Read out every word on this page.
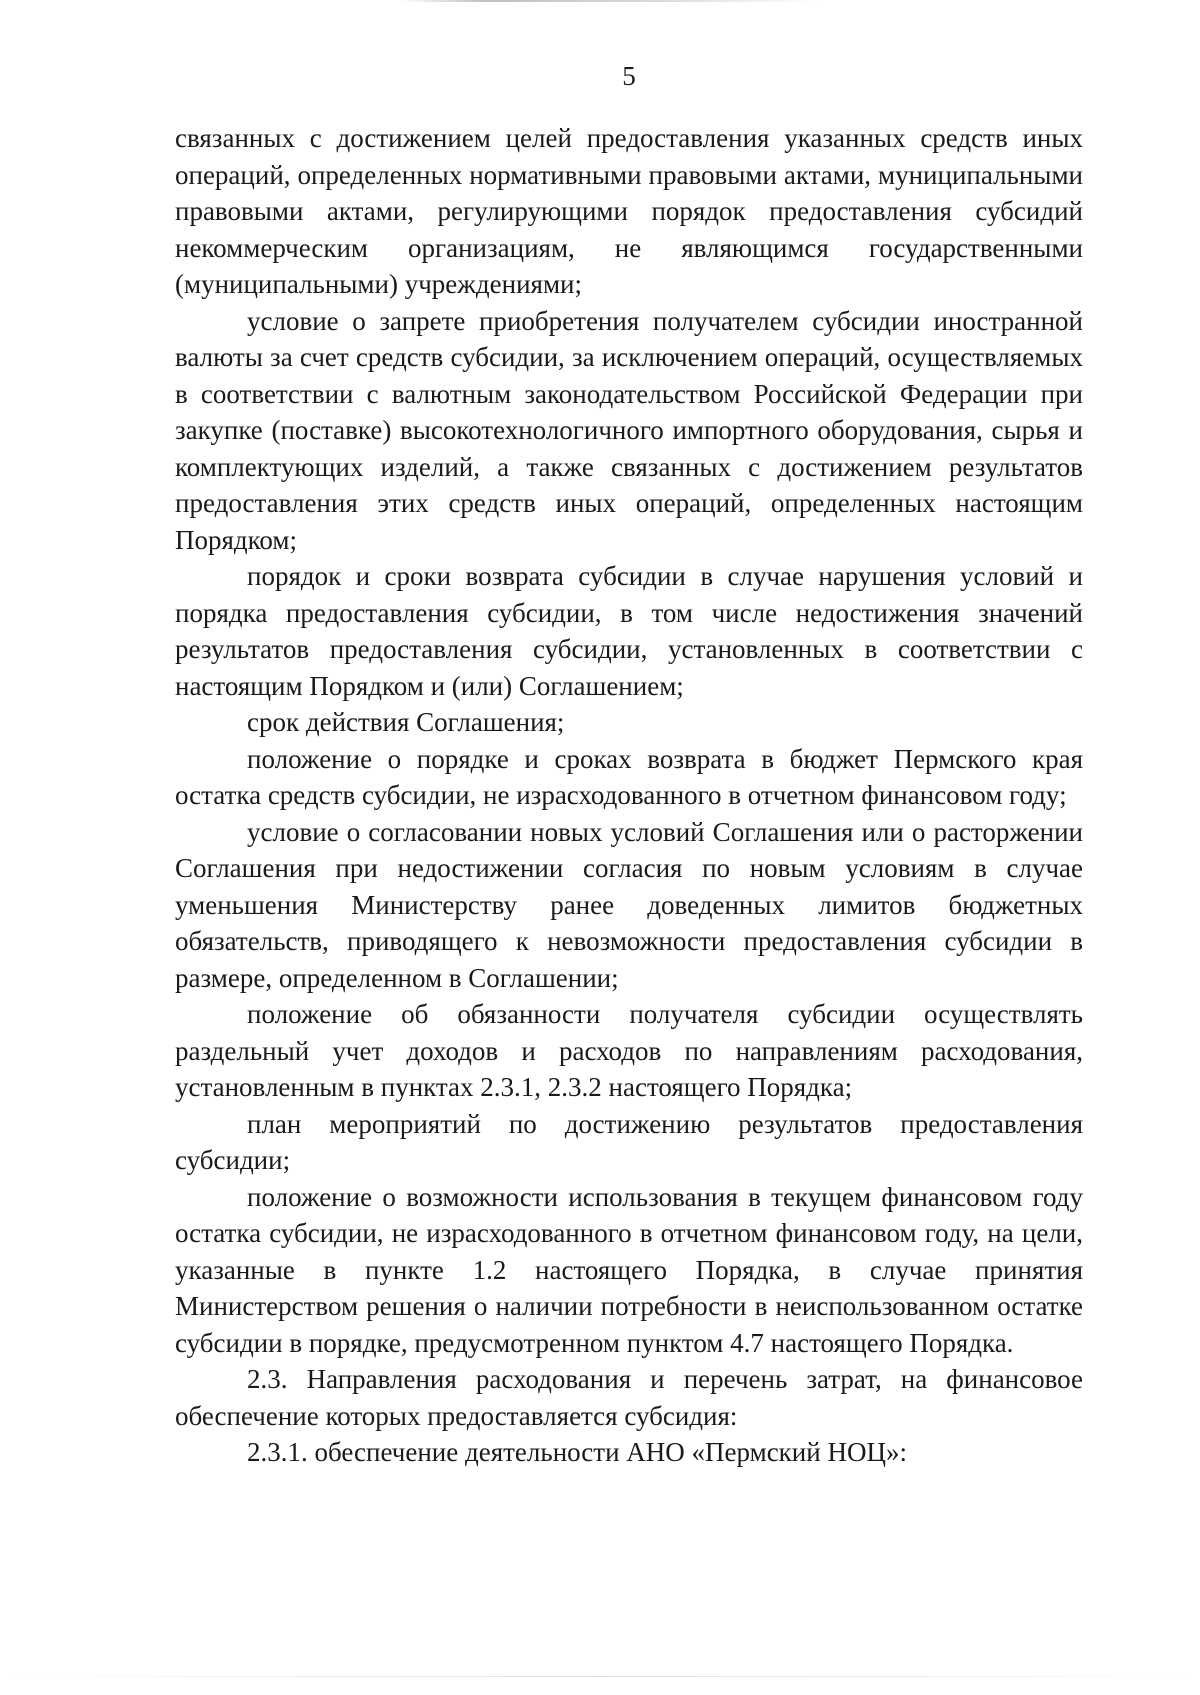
5

связанных с достижением целей предоставления указанных средств иных операций, определенных нормативными правовыми актами, муниципальными правовыми актами, регулирующими порядок предоставления субсидий некоммерческим организациям, не являющимся государственными (муниципальными) учреждениями;

условие о запрете приобретения получателем субсидии иностранной валюты за счет средств субсидии, за исключением операций, осуществляемых в соответствии с валютным законодательством Российской Федерации при закупке (поставке) высокотехнологичного импортного оборудования, сырья и комплектующих изделий, а также связанных с достижением результатов предоставления этих средств иных операций, определенных настоящим Порядком;

порядок и сроки возврата субсидии в случае нарушения условий и порядка предоставления субсидии, в том числе недостижения значений результатов предоставления субсидии, установленных в соответствии с настоящим Порядком и (или) Соглашением;

срок действия Соглашения;

положение о порядке и сроках возврата в бюджет Пермского края остатка средств субсидии, не израсходованного в отчетном финансовом году;

условие о согласовании новых условий Соглашения или о расторжении Соглашения при недостижении согласия по новым условиям в случае уменьшения Министерству ранее доведенных лимитов бюджетных обязательств, приводящего к невозможности предоставления субсидии в размере, определенном в Соглашении;

положение об обязанности получателя субсидии осуществлять раздельный учет доходов и расходов по направлениям расходования, установленным в пунктах 2.3.1, 2.3.2 настоящего Порядка;

план мероприятий по достижению результатов предоставления субсидии;

положение о возможности использования в текущем финансовом году остатка субсидии, не израсходованного в отчетном финансовом году, на цели, указанные в пункте 1.2 настоящего Порядка, в случае принятия Министерством решения о наличии потребности в неиспользованном остатке субсидии в порядке, предусмотренном пунктом 4.7 настоящего Порядка.

2.3. Направления расходования и перечень затрат, на финансовое обеспечение которых предоставляется субсидия:

2.3.1. обеспечение деятельности АНО «Пермский НОЦ»:
